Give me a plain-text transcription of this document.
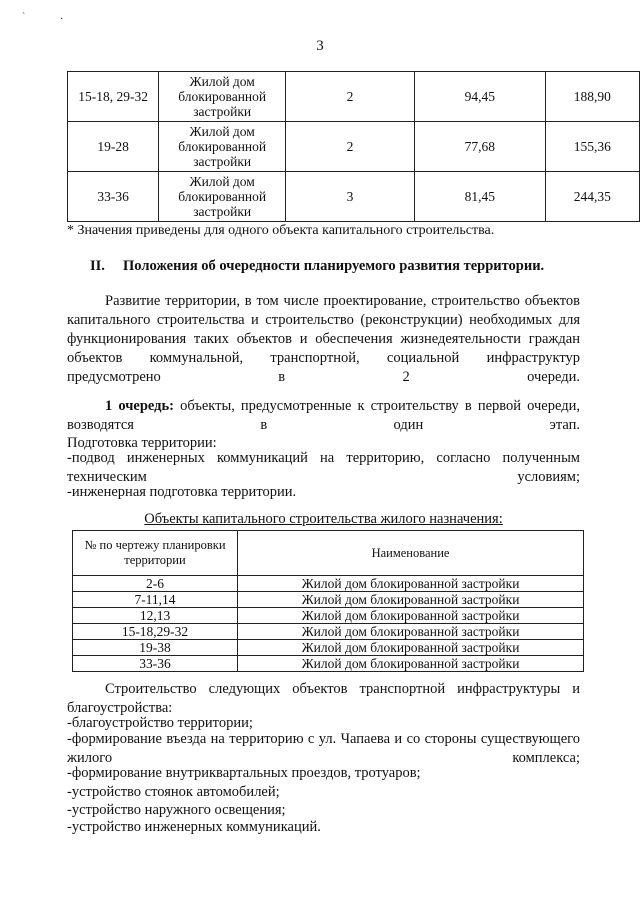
ˋ	·
3
15-18, 29-32	Жилой дом блокированной застройки	2	94,45	188,90
19-28	Жилой дом блокированной застройки	2	77,68	155,36
33-36	Жилой дом блокированной застройки	3	81,45	244,35
* Значения приведены для одного объекта капитального строительства.
II. Положения об очередности планируемого развития территории.
Развитие территории, в том числе проектирование, строительство объектов капитального строительства и строительство (реконструкции) необходимых для функционирования таких объектов и обеспечения жизнедеятельности граждан объектов коммунальной, транспортной, социальной инфраструктур предусмотрено в 2 очереди.
1 очередь: объекты, предусмотренные к строительству в первой очереди, возводятся в один этап.
Подготовка территории:
-подвод инженерных коммуникаций на территорию, согласно полученным техническим условиям;
-инженерная подготовка территории.
Объекты капитального строительства жилого назначения:
№ по чертежу планировки территории	Наименование
2-6	Жилой дом блокированной застройки
7-11,14	Жилой дом блокированной застройки
12,13	Жилой дом блокированной застройки
15-18,29-32	Жилой дом блокированной застройки
19-38	Жилой дом блокированной застройки
33-36	Жилой дом блокированной застройки
Строительство следующих объектов транспортной инфраструктуры и благоустройства:
-благоустройство территории;
-формирование въезда на территорию с ул. Чапаева и со стороны существующего жилого комплекса;
-формирование внутриквартальных проездов, тротуаров;
-устройство стоянок автомобилей;
-устройство наружного освещения;
-устройство инженерных коммуникаций.
